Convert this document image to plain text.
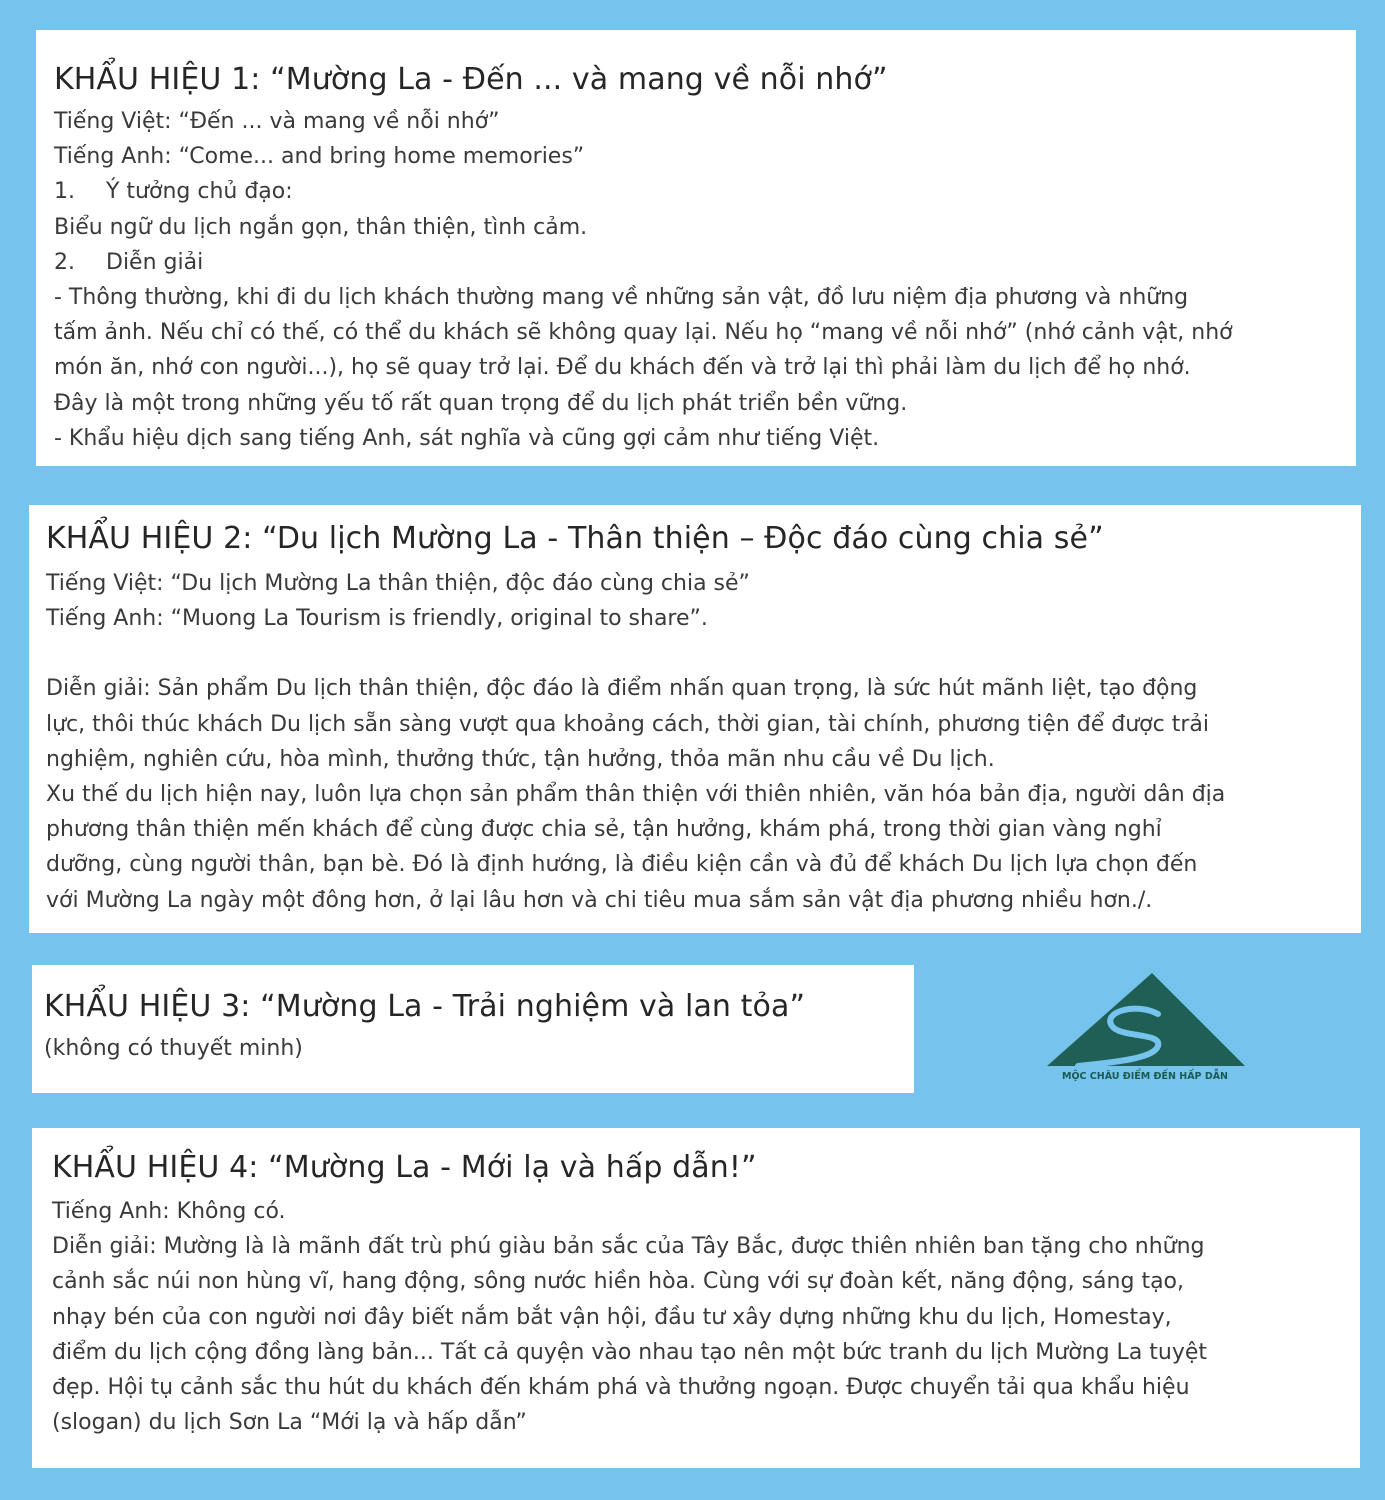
KHẨU HIỆU 1: “Mường La - Đến ... và mang về nỗi nhớ”

Tiếng Việt: “Đến ... và mang về nỗi nhớ”

Tiếng Anh: “Come... and bring home memories”

1. Ý tưởng chủ đạo:

Biểu ngữ du lịch ngắn gọn, thân thiện, tình cảm.

2. Diễn giải

- Thông thường, khi đi du lịch khách thường mang về những sản vật, đồ lưu niệm địa phương và những

tấm ảnh. Nếu chỉ có thế, có thể du khách sẽ không quay lại. Nếu họ “mang về nỗi nhớ” (nhớ cảnh vật, nhớ

món ăn, nhớ con người...), họ sẽ quay trở lại. Để du khách đến và trở lại thì phải làm du lịch để họ nhớ.

Đây là một trong những yếu tố rất quan trọng để du lịch phát triển bền vững.

- Khẩu hiệu dịch sang tiếng Anh, sát nghĩa và cũng gợi cảm như tiếng Việt.

KHẨU HIỆU 2: “Du lịch Mường La - Thân thiện – Độc đáo cùng chia sẻ”

Tiếng Việt: “Du lịch Mường La thân thiện, độc đáo cùng chia sẻ”

Tiếng Anh: “Muong La Tourism is friendly, original to share”.

Diễn giải: Sản phẩm Du lịch thân thiện, độc đáo là điểm nhấn quan trọng, là sức hút mãnh liệt, tạo động

lực, thôi thúc khách Du lịch sẵn sàng vượt qua khoảng cách, thời gian, tài chính, phương tiện để được trải

nghiệm, nghiên cứu, hòa mình, thưởng thức, tận hưởng, thỏa mãn nhu cầu về Du lịch.

Xu thế du lịch hiện nay, luôn lựa chọn sản phẩm thân thiện với thiên nhiên, văn hóa bản địa, người dân địa

phương thân thiện mến khách để cùng được chia sẻ, tận hưởng, khám phá, trong thời gian vàng nghỉ

dưỡng, cùng người thân, bạn bè. Đó là định hướng, là điều kiện cần và đủ để khách Du lịch lựa chọn đến

với Mường La ngày một đông hơn, ở lại lâu hơn và chi tiêu mua sắm sản vật địa phương nhiều hơn./.

KHẨU HIỆU 3: “Mường La - Trải nghiệm và lan tỏa”

(không có thuyết minh)

MỘC CHÂU ĐIỂM ĐẾN HẤP DẪN
KHẨU HIỆU 4: “Mường La - Mới lạ và hấp dẫn!”

Tiếng Anh: Không có.

Diễn giải: Mường là là mãnh đất trù phú giàu bản sắc của Tây Bắc, được thiên nhiên ban tặng cho những

cảnh sắc núi non hùng vĩ, hang động, sông nước hiền hòa. Cùng với sự đoàn kết, năng động, sáng tạo,

nhạy bén của con người nơi đây biết nắm bắt vận hội, đầu tư xây dựng những khu du lịch, Homestay,

điểm du lịch cộng đồng làng bản... Tất cả quyện vào nhau tạo nên một bức tranh du lịch Mường La tuyệt

đẹp. Hội tụ cảnh sắc thu hút du khách đến khám phá và thưởng ngoạn. Được chuyển tải qua khẩu hiệu

(slogan) du lịch Sơn La “Mới lạ và hấp dẫn”
